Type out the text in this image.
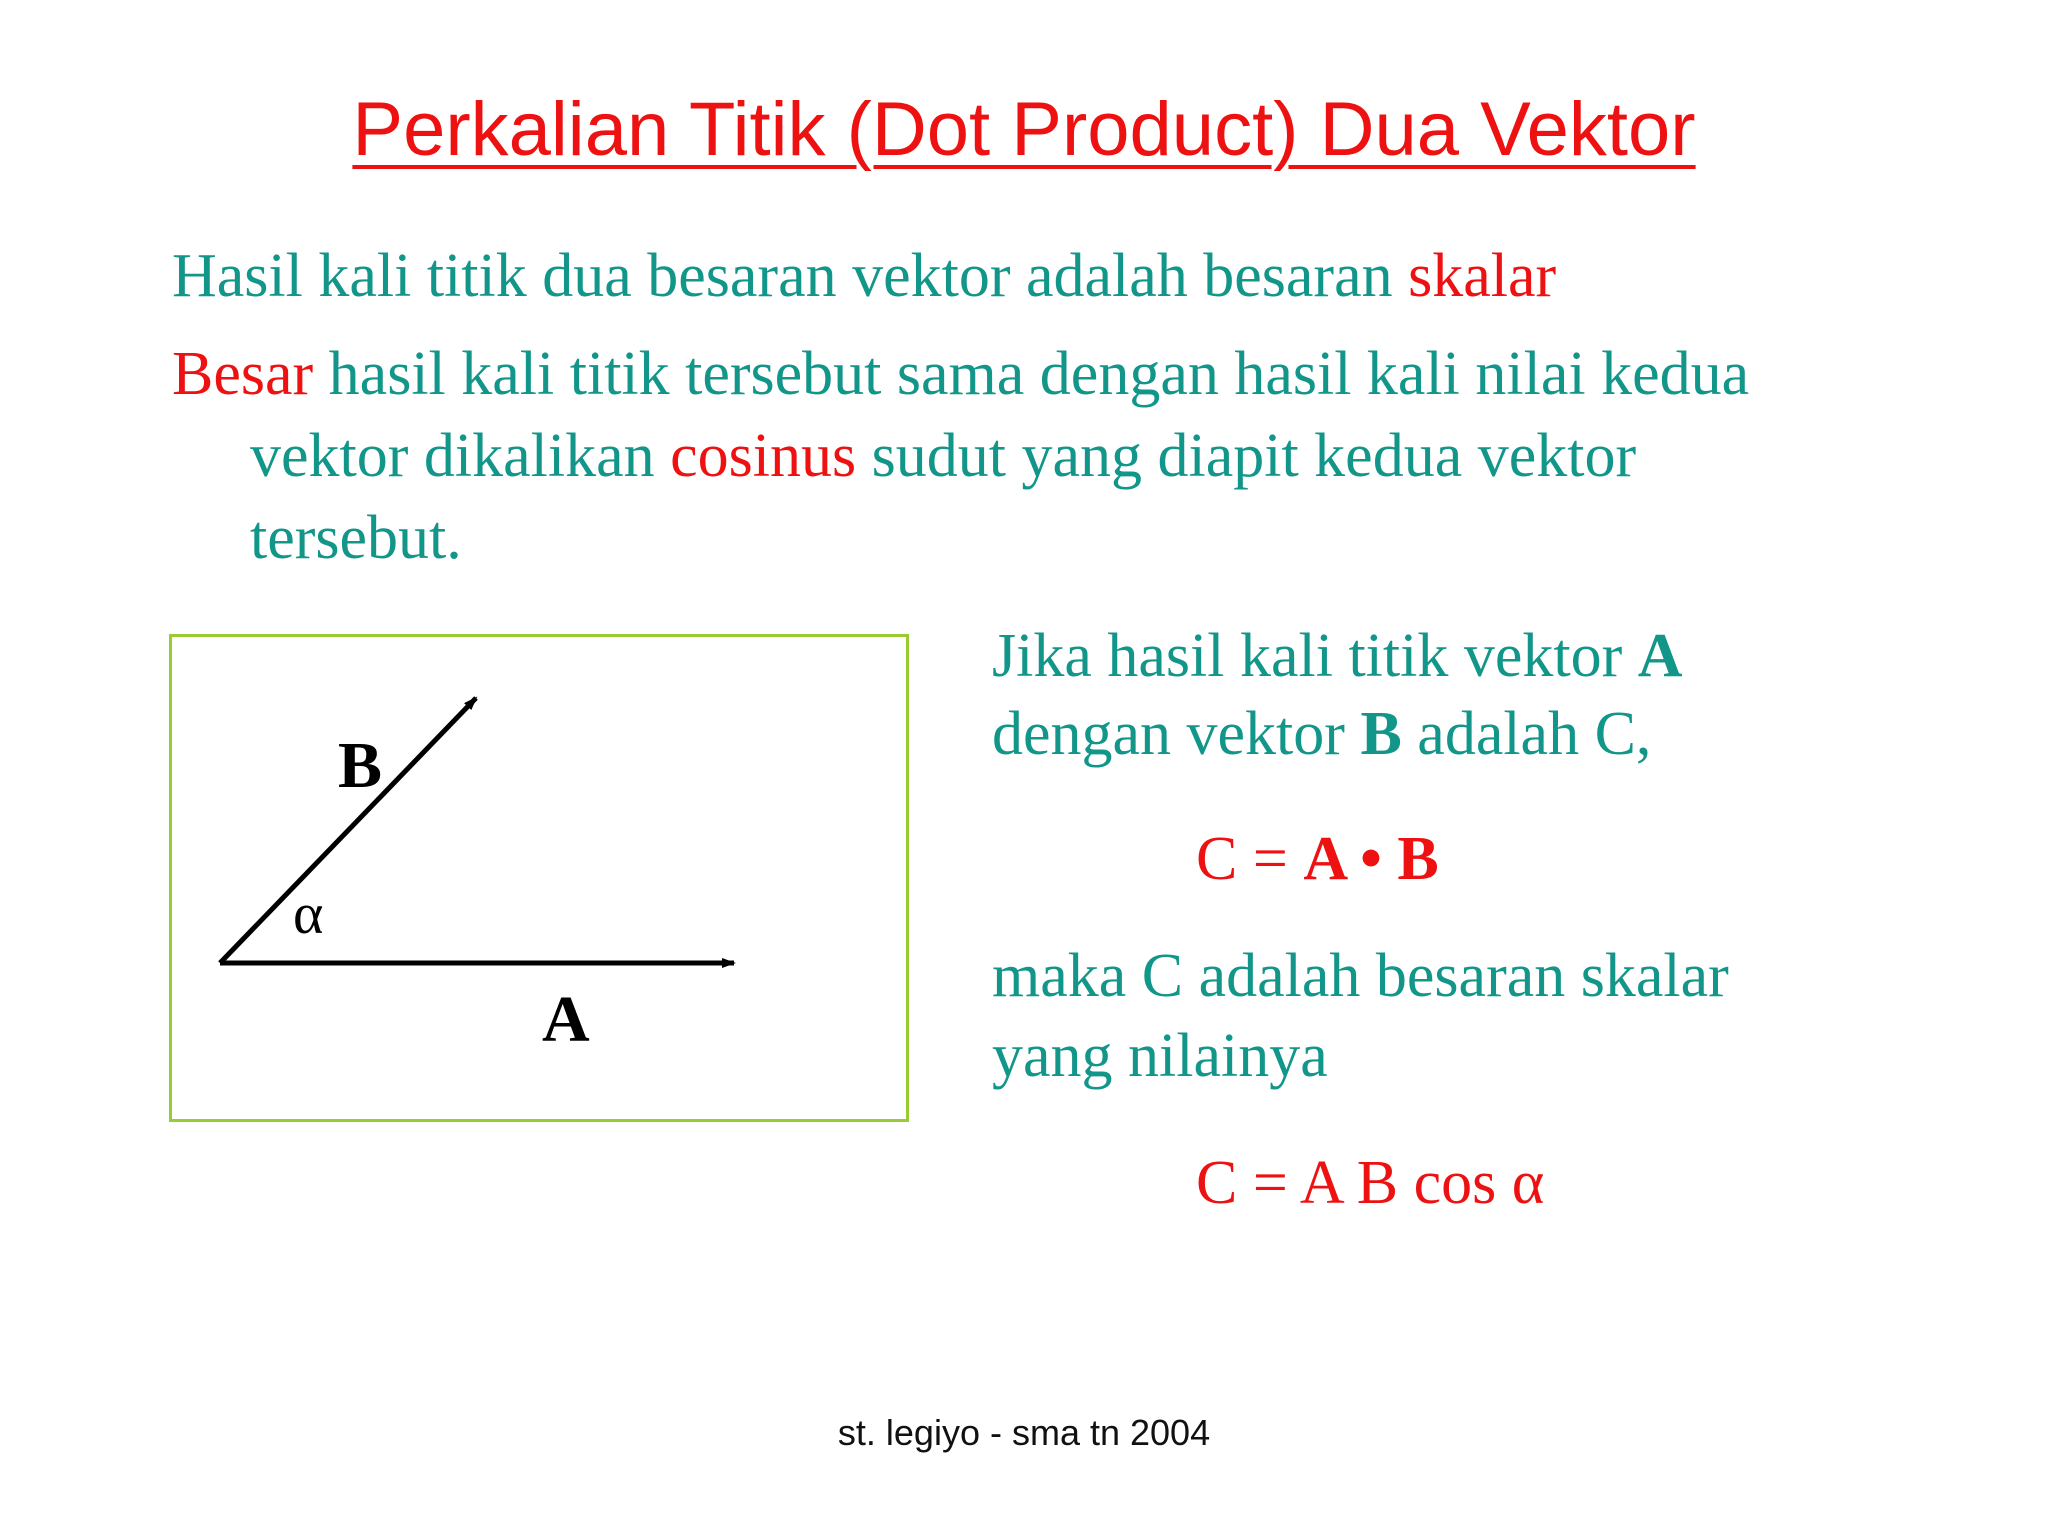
Perkalian Titik (Dot Product) Dua Vektor
Hasil kali titik dua besaran vektor adalah besaran skalar
Besar hasil kali titik tersebut sama dengan hasil kali nilai kedua
vektor dikalikan cosinus sudut yang diapit kedua vektor
tersebut.
B
A
α
Jika hasil kali titik vektor A
dengan vektor B adalah C,
C = A • B
maka C adalah besaran skalar
yang nilainya
C = A B cos α
st. legiyo - sma tn 2004
